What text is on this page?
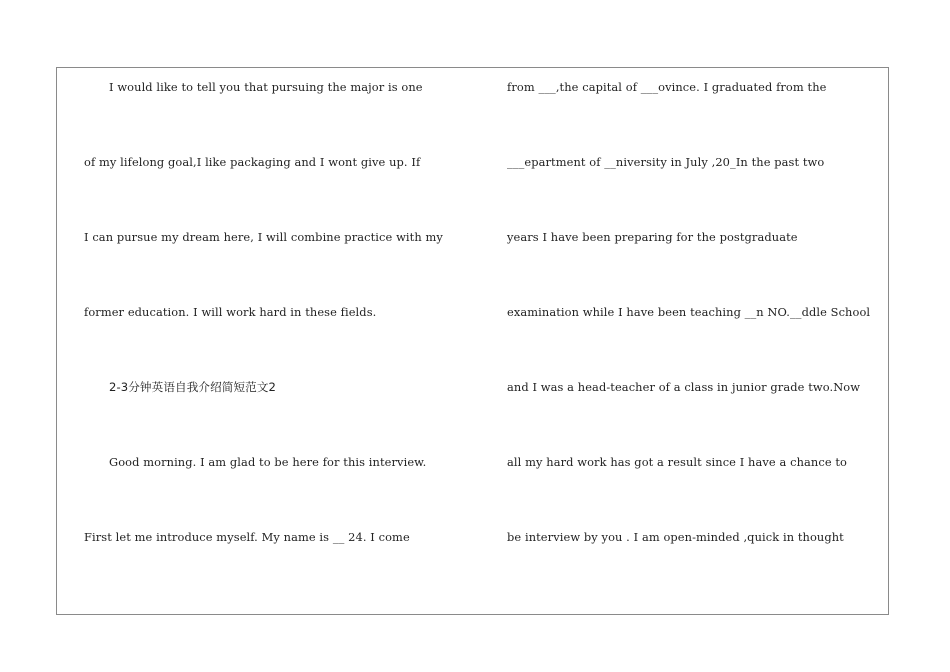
I would like to tell you that pursuing the major is one
of my lifelong goal,I like packaging and I wont give up. If
I can pursue my dream here, I will combine practice with my
former education. I will work hard in these fields.
2-3分钟英语自我介绍简短范文2
Good morning. I am glad to be here for this interview.
First let me introduce myself. My name is __ 24. I come
from ___,the capital of ___ovince. I graduated from the
___epartment of __niversity in July ,20_In the past two
years I have been preparing for the postgraduate
examination while I have been teaching __n NO.__ddle School
and I was a head-teacher of a class in junior grade two.Now
all my hard work has got a result since I have a chance to
be interview by you . I am open-minded ,quick in thought
